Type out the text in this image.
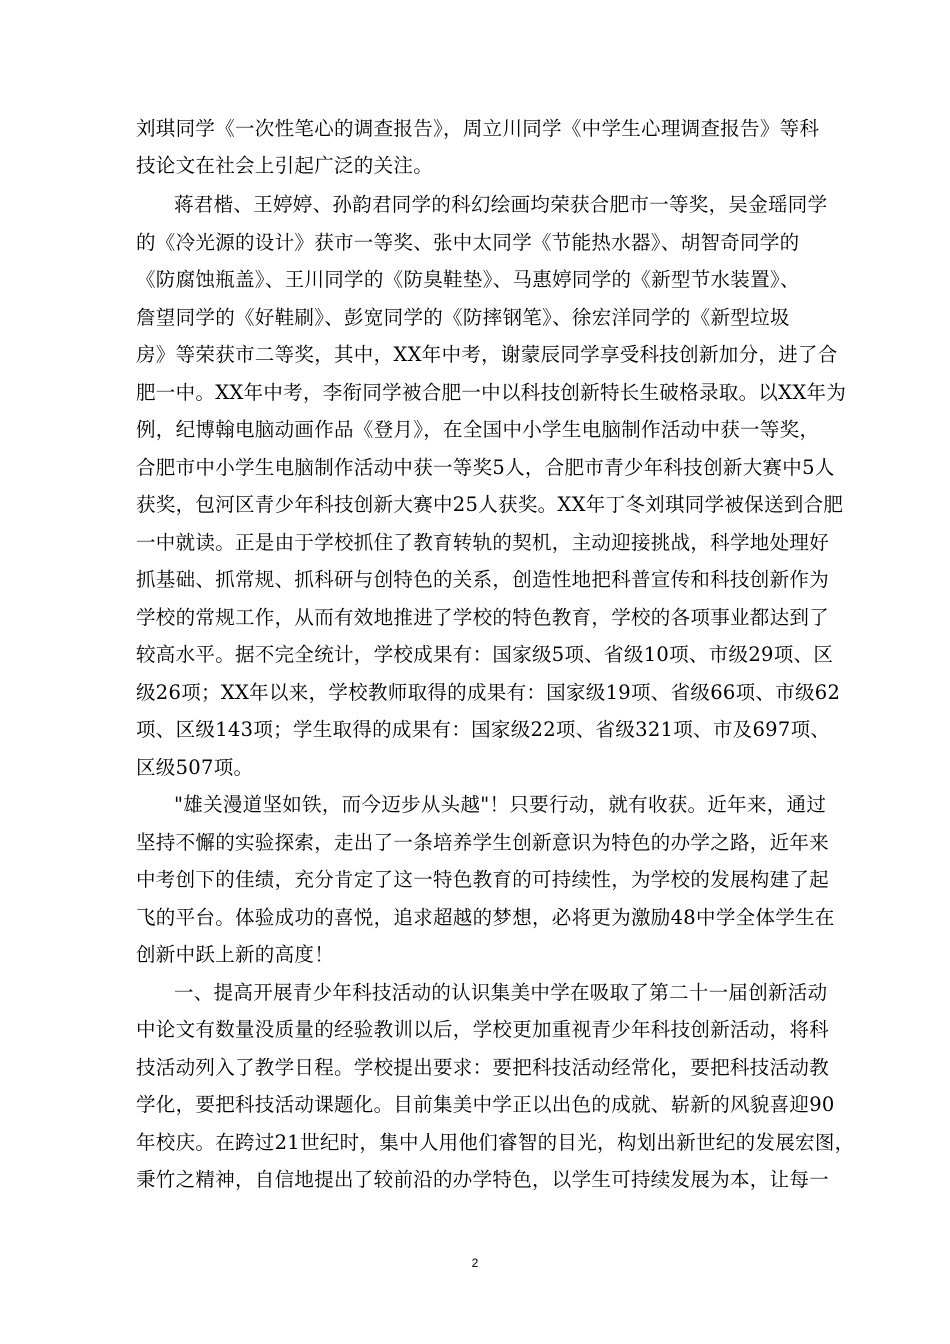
刘琪同学《一次性笔心的调查报告》，周立川同学《中学生心理调查报告》等科
技论文在社会上引起广泛的关注。
蒋君楷、王婷婷、孙韵君同学的科幻绘画均荣获合肥市一等奖，吴金瑶同学
的《冷光源的设计》获市一等奖、张中太同学《节能热水器》、胡智奇同学的
《防腐蚀瓶盖》、王川同学的《防臭鞋垫》、马惠婷同学的《新型节水装置》、
詹望同学的《好鞋刷》、彭宽同学的《防摔钢笔》、徐宏洋同学的《新型垃圾
房》等荣获市二等奖，其中，XX年中考，谢蒙辰同学享受科技创新加分，进了合
肥一中。XX年中考，李衔同学被合肥一中以科技创新特长生破格录取。以XX年为
例，纪博翰电脑动画作品《登月》，在全国中小学生电脑制作活动中获一等奖，
合肥市中小学生电脑制作活动中获一等奖5人，合肥市青少年科技创新大赛中5人
获奖，包河区青少年科技创新大赛中25人获奖。XX年丁冬刘琪同学被保送到合肥
一中就读。正是由于学校抓住了教育转轨的契机，主动迎接挑战，科学地处理好
抓基础、抓常规、抓科研与创特色的关系，创造性地把科普宣传和科技创新作为
学校的常规工作，从而有效地推进了学校的特色教育，学校的各项事业都达到了
较高水平。据不完全统计，学校成果有：国家级5项、省级10项、市级29项、区
级26项；XX年以来，学校教师取得的成果有：国家级19项、省级66项、市级62
项、区级143项；学生取得的成果有：国家级22项、省级321项、市及697项、
区级507项。
"雄关漫道坚如铁，而今迈步从头越"！只要行动，就有收获。近年来，通过
坚持不懈的实验探索，走出了一条培养学生创新意识为特色的办学之路，近年来
中考创下的佳绩，充分肯定了这一特色教育的可持续性，为学校的发展构建了起
飞的平台。体验成功的喜悦，追求超越的梦想，必将更为激励48中学全体学生在
创新中跃上新的高度！
一、提高开展青少年科技活动的认识集美中学在吸取了第二十一届创新活动
中论文有数量没质量的经验教训以后，学校更加重视青少年科技创新活动，将科
技活动列入了教学日程。学校提出要求：要把科技活动经常化，要把科技活动教
学化，要把科技活动课题化。目前集美中学正以出色的成就、崭新的风貌喜迎90
年校庆。在跨过21世纪时，集中人用他们睿智的目光，构划出新世纪的发展宏图，
秉竹之精神，自信地提出了较前沿的办学特色，以学生可持续发展为本，让每一
2
